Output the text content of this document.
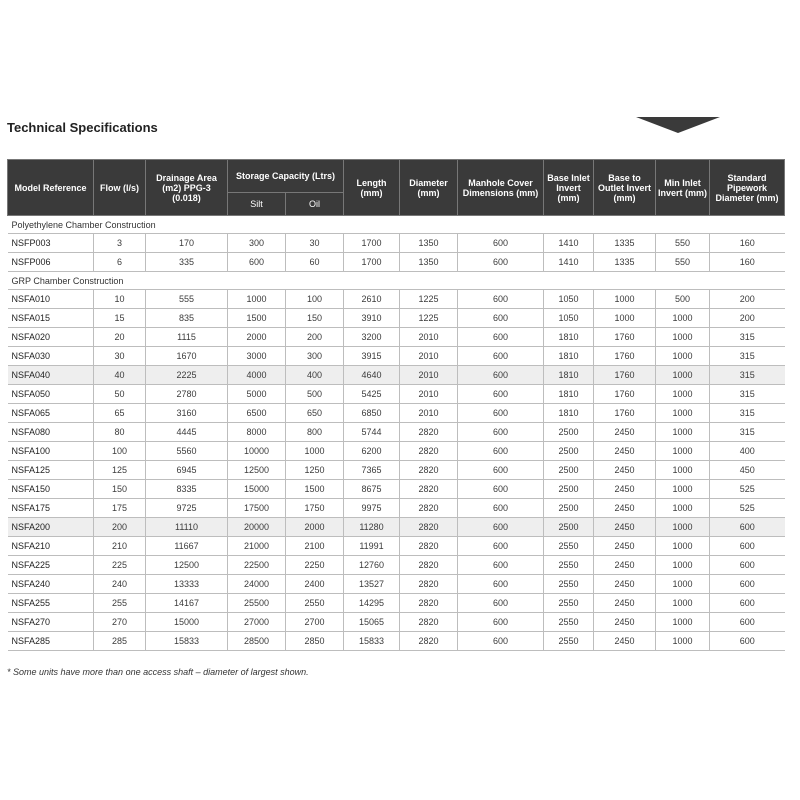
Technical Specifications
Model Reference	Flow (l/s)	Drainage Area
(m2) PPG-3
(0.018)	Storage Capacity (Ltrs)		Length (mm)	Diameter (mm)	Manhole Cover Dimensions (mm)	Base Inlet Invert (mm)	Base to Outlet Invert (mm)	Min Inlet Invert (mm)	Standard Pipework Diameter (mm)
			Silt	Oil							
Polyethylene Chamber Construction											
NSFP003	3	170	300	30	1700	1350	600	1410	1335	550	160
NSFP006	6	335	600	60	1700	1350	600	1410	1335	550	160
GRP Chamber Construction											
NSFA010	10	555	1000	100	2610	1225	600	1050	1000	500	200
NSFA015	15	835	1500	150	3910	1225	600	1050	1000	1000	200
NSFA020	20	1115	2000	200	3200	2010	600	1810	1760	1000	315
NSFA030	30	1670	3000	300	3915	2010	600	1810	1760	1000	315
NSFA040	40	2225	4000	400	4640	2010	600	1810	1760	1000	315
NSFA050	50	2780	5000	500	5425	2010	600	1810	1760	1000	315
NSFA065	65	3160	6500	650	6850	2010	600	1810	1760	1000	315
NSFA080	80	4445	8000	800	5744	2820	600	2500	2450	1000	315
NSFA100	100	5560	10000	1000	6200	2820	600	2500	2450	1000	400
NSFA125	125	6945	12500	1250	7365	2820	600	2500	2450	1000	450
NSFA150	150	8335	15000	1500	8675	2820	600	2500	2450	1000	525
NSFA175	175	9725	17500	1750	9975	2820	600	2500	2450	1000	525
NSFA200	200	11110	20000	2000	11280	2820	600	2500	2450	1000	600
NSFA210	210	11667	21000	2100	11991	2820	600	2550	2450	1000	600
NSFA225	225	12500	22500	2250	12760	2820	600	2550	2450	1000	600
NSFA240	240	13333	24000	2400	13527	2820	600	2550	2450	1000	600
NSFA255	255	14167	25500	2550	14295	2820	600	2550	2450	1000	600
NSFA270	270	15000	27000	2700	15065	2820	600	2550	2450	1000	600
NSFA285	285	15833	28500	2850	15833	2820	600	2550	2450	1000	600
* Some units have more than one access shaft – diameter of largest shown.
